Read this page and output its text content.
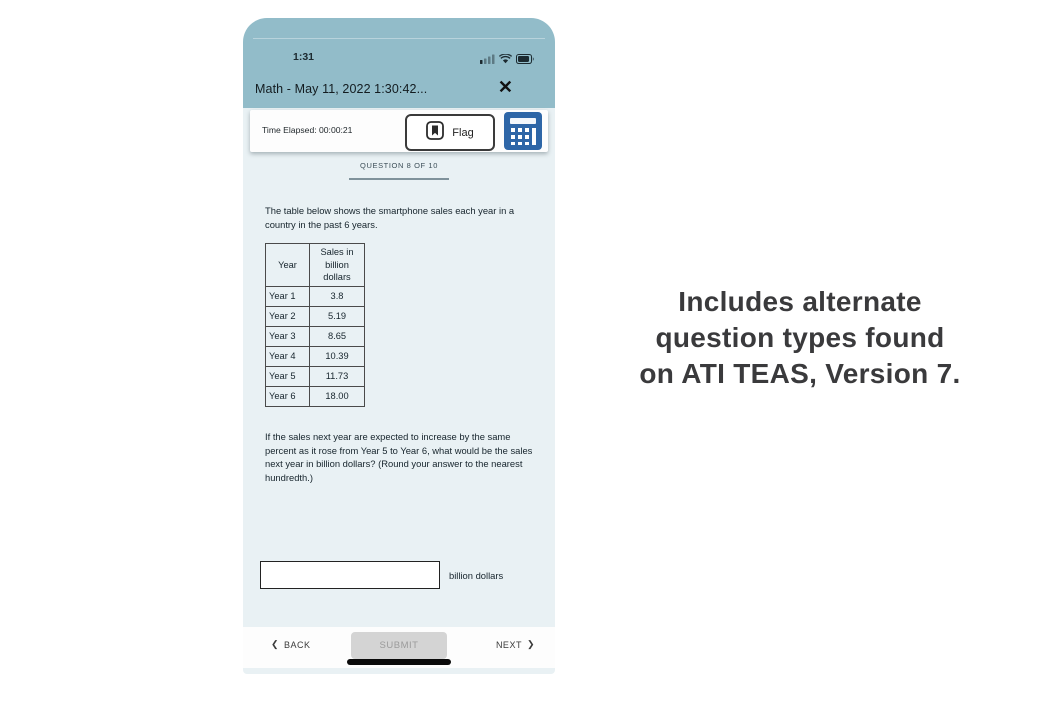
1:31
Math - May 11, 2022 1:30:42...	✕
Time Elapsed: 00:00:21	Flag
QUESTION 8 OF 10
The table below shows the smartphone sales each year in a country in the past 6 years.
Year	Sales in billion dollars
Year 1	3.8
Year 2	5.19
Year 3	8.65
Year 4	10.39
Year 5	11.73
Year 6	18.00
If the sales next year are expected to increase by the same percent as it rose from Year 5 to Year 6, what would be the sales next year in billion dollars? (Round your answer to the nearest hundredth.)
billion dollars
❮ BACK	SUBMIT	NEXT ❯
Includes alternate
question types found
on ATI TEAS, Version 7.
